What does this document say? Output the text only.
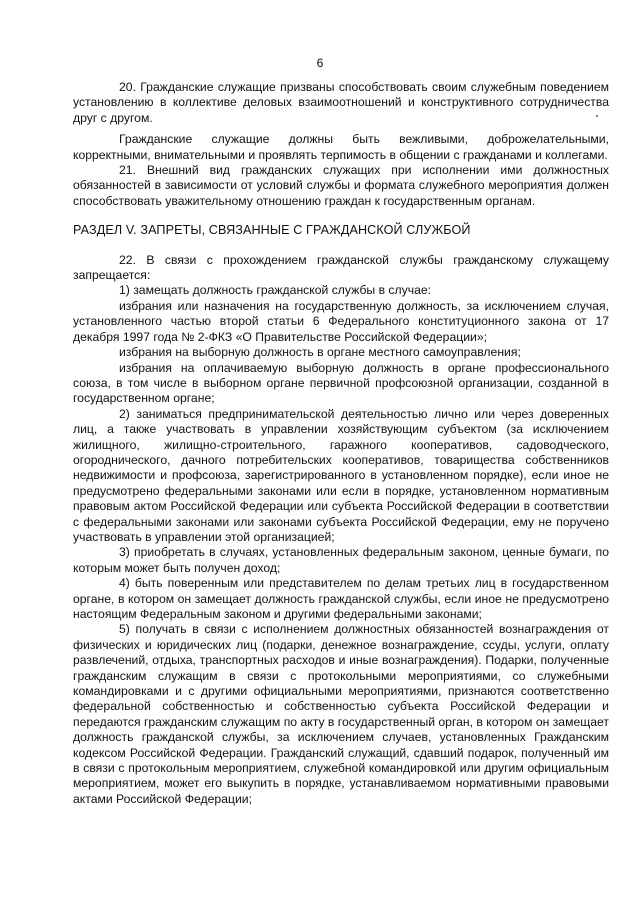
6

20. Гражданские служащие призваны способствовать своим служебным поведением установлению в коллективе деловых взаимоотношений и конструктивного сотрудничества друг с другом.

Гражданские служащие должны быть вежливыми, доброжелательными, корректными, внимательными и проявлять терпимость в общении с гражданами и коллегами.

21. Внешний вид гражданских служащих при исполнении ими должностных обязанностей в зависимости от условий службы и формата служебного мероприятия должен способствовать уважительному отношению граждан к государственным органам.

РАЗДЕЛ V. ЗАПРЕТЫ, СВЯЗАННЫЕ С ГРАЖДАНСКОЙ СЛУЖБОЙ

22. В связи с прохождением гражданской службы гражданскому служащему запрещается:

1) замещать должность гражданской службы в случае:

избрания или назначения на государственную должность, за исключением случая, установленного частью второй статьи 6 Федерального конституционного закона от 17 декабря 1997 года № 2-ФКЗ «О Правительстве Российской Федерации»;

избрания на выборную должность в органе местного самоуправления;

избрания на оплачиваемую выборную должность в органе профессионального союза, в том числе в выборном органе первичной профсоюзной организации, созданной в государственном органе;

2) заниматься предпринимательской деятельностью лично или через доверенных лиц, а также участвовать в управлении хозяйствующим субъектом (за исключением жилищного, жилищно-строительного, гаражного кооперативов, садоводческого, огороднического, дачного потребительских кооперативов, товарищества собственников недвижимости и профсоюза, зарегистрированного в установленном порядке), если иное не предусмотрено федеральными законами или если в порядке, установленном нормативным правовым актом Российской Федерации или субъекта Российской Федерации в соответствии с федеральными законами или законами субъекта Российской Федерации, ему не поручено участвовать в управлении этой организацией;

3) приобретать в случаях, установленных федеральным законом, ценные бумаги, по которым может быть получен доход;

4) быть поверенным или представителем по делам третьих лиц в государственном органе, в котором он замещает должность гражданской службы, если иное не предусмотрено настоящим Федеральным законом и другими федеральными законами;

5) получать в связи с исполнением должностных обязанностей вознаграждения от физических и юридических лиц (подарки, денежное вознаграждение, ссуды, услуги, оплату развлечений, отдыха, транспортных расходов и иные вознаграждения). Подарки, полученные гражданским служащим в связи с протокольными мероприятиями, со служебными командировками и с другими официальными мероприятиями, признаются соответственно федеральной собственностью и собственностью субъекта Российской Федерации и передаются гражданским служащим по акту в государственный орган, в котором он замещает должность гражданской службы, за исключением случаев, установленных Гражданским кодексом Российской Федерации. Гражданский служащий, сдавший подарок, полученный им в связи с протокольным мероприятием, служебной командировкой или другим официальным мероприятием, может его выкупить в порядке, устанавливаемом нормативными правовыми актами Российской Федерации;
